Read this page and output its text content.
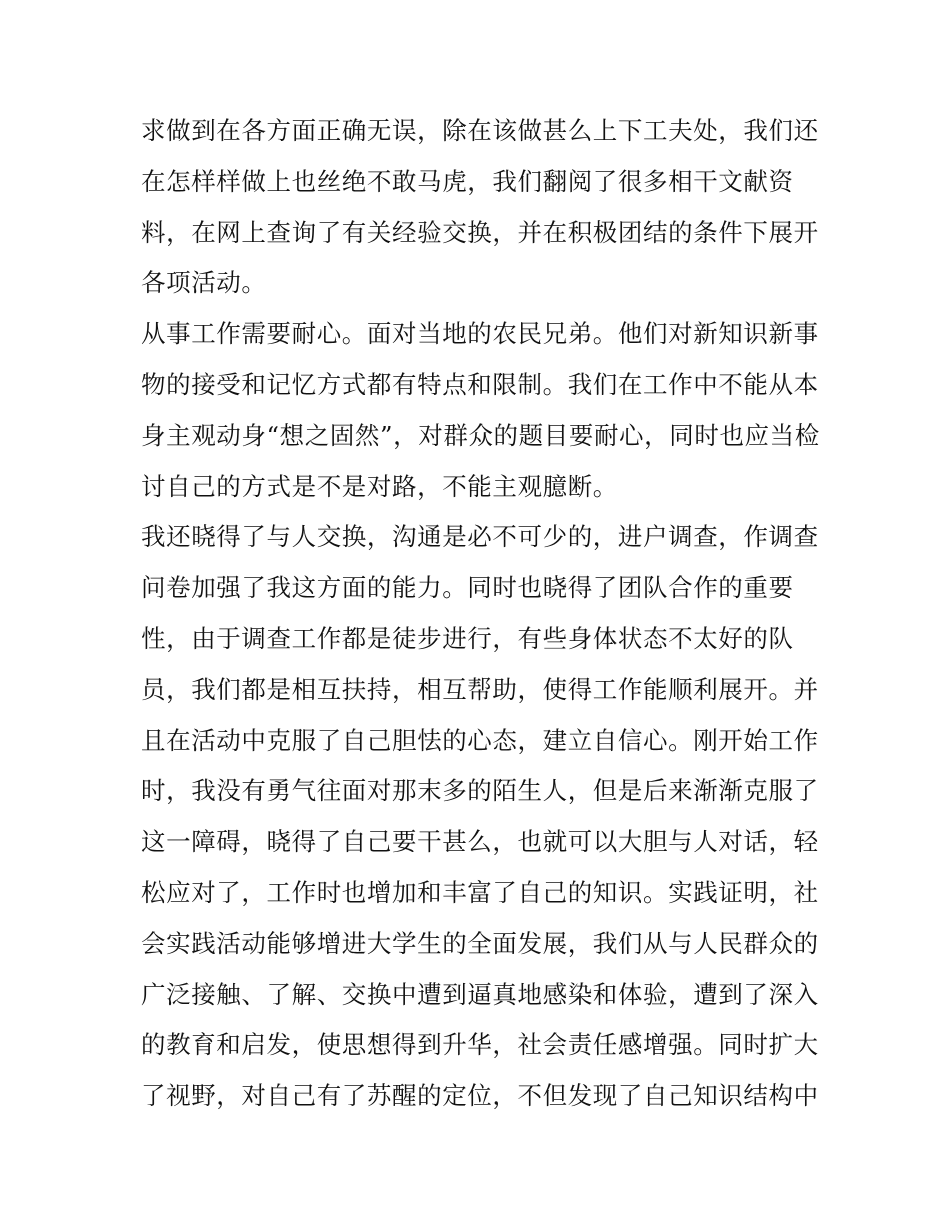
求做到在各方面正确无误，除在该做甚么上下工夫处，我们还
在怎样样做上也丝绝不敢马虎，我们翻阅了很多相干文献资
料，在网上查询了有关经验交换，并在积极团结的条件下展开
各项活动。
从事工作需要耐心。面对当地的农民兄弟。他们对新知识新事
物的接受和记忆方式都有特点和限制。我们在工作中不能从本
身主观动身“想之固然”，对群众的题目要耐心，同时也应当检
讨自己的方式是不是对路，不能主观臆断。
我还晓得了与人交换，沟通是必不可少的，进户调查，作调查
问卷加强了我这方面的能力。同时也晓得了团队合作的重要
性，由于调查工作都是徒步进行，有些身体状态不太好的队
员，我们都是相互扶持，相互帮助，使得工作能顺利展开。并
且在活动中克服了自己胆怯的心态，建立自信心。刚开始工作
时，我没有勇气往面对那末多的陌生人，但是后来渐渐克服了
这一障碍，晓得了自己要干甚么，也就可以大胆与人对话，轻
松应对了，工作时也增加和丰富了自己的知识。实践证明，社
会实践活动能够增进大学生的全面发展，我们从与人民群众的
广泛接触、了解、交换中遭到逼真地感染和体验，遭到了深入
的教育和启发，使思想得到升华，社会责任感增强。同时扩大
了视野，对自己有了苏醒的定位，不但发现了自己知识结构中
